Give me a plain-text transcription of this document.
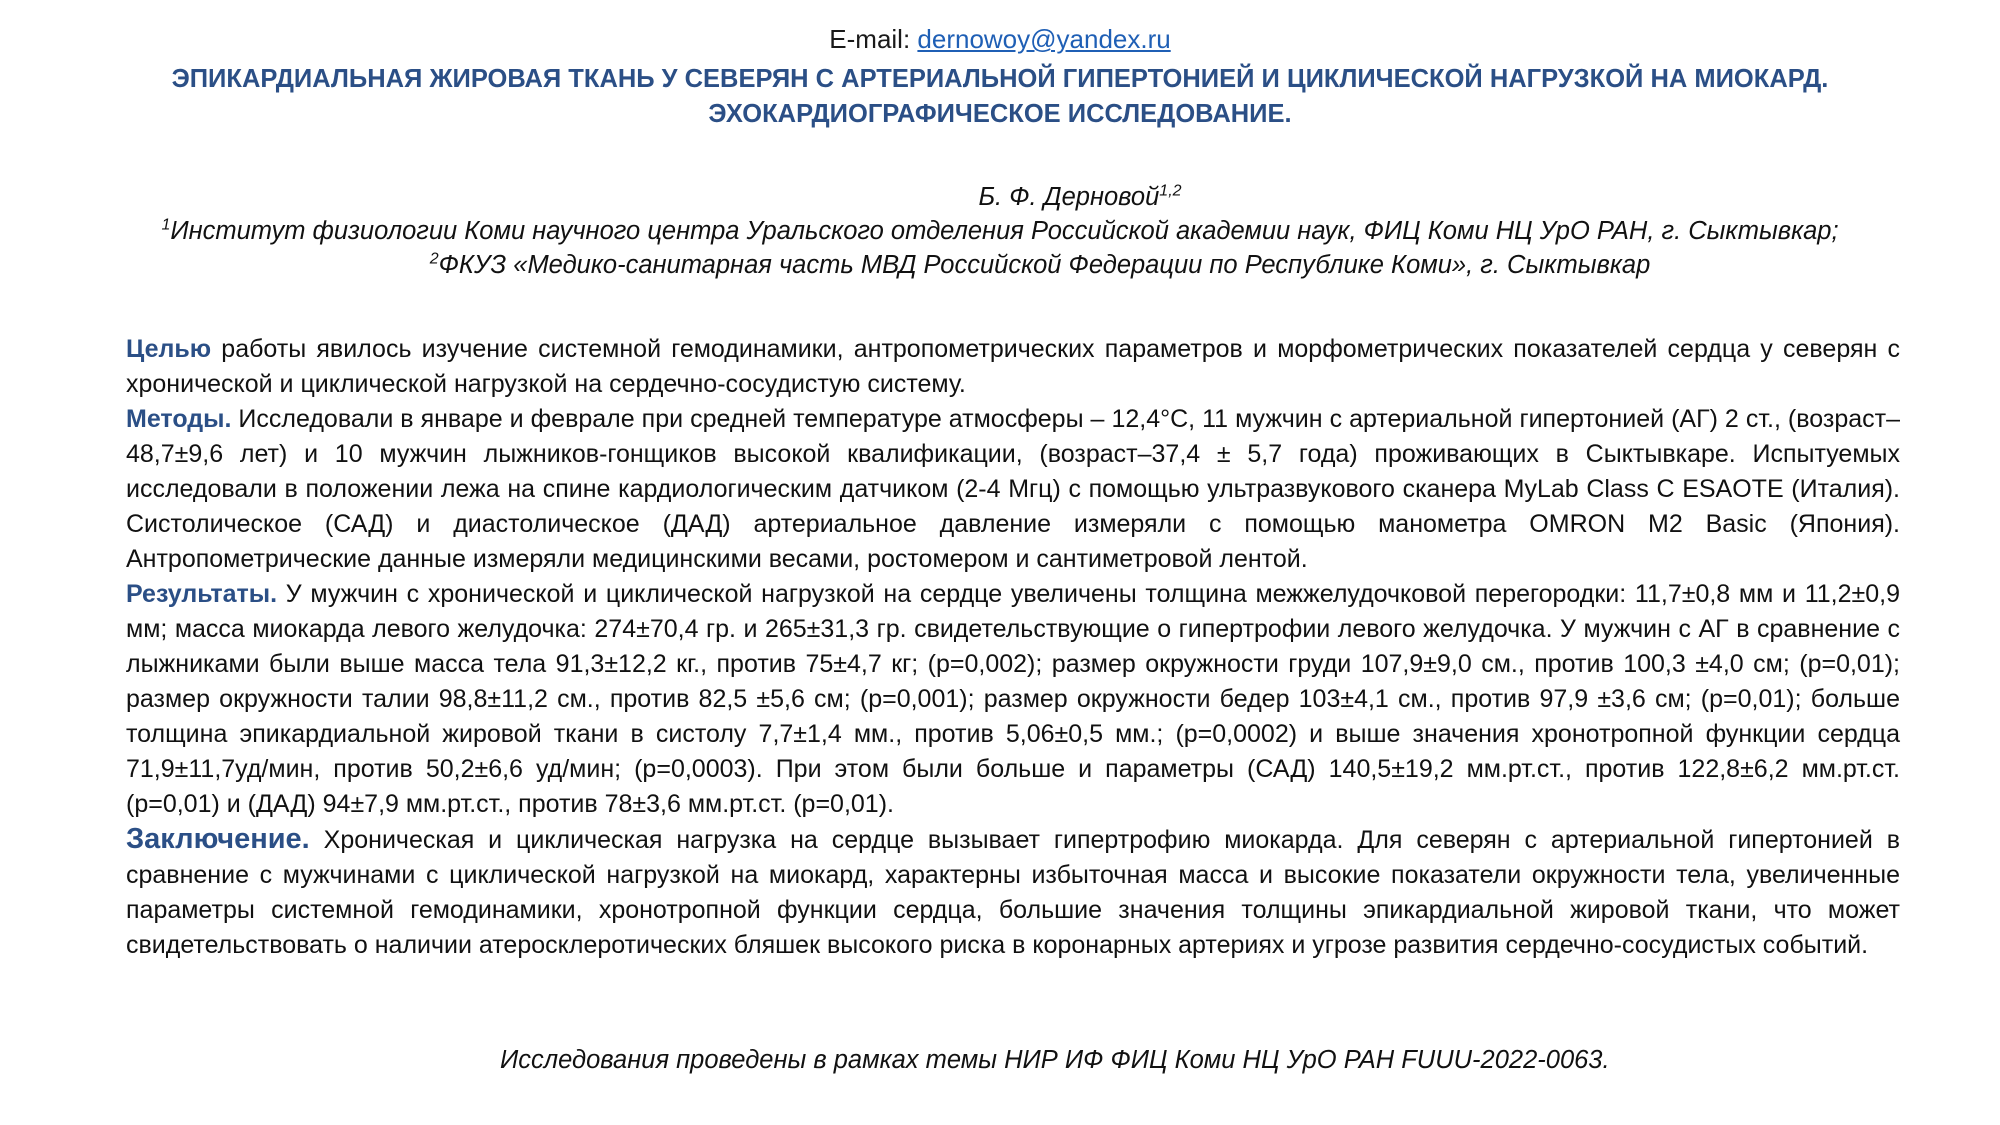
E-mail: dernowoy@yandex.ru
ЭПИКАРДИАЛЬНАЯ ЖИРОВАЯ ТКАНЬ У СЕВЕРЯН С АРТЕРИАЛЬНОЙ ГИПЕРТОНИЕЙ И ЦИКЛИЧЕСКОЙ НАГРУЗКОЙ НА МИОКАРД.
ЭХОКАРДИОГРАФИЧЕСКОЕ ИССЛЕДОВАНИЕ.
Б. Ф. Дерновой$^{1,2}$
$^1$Институт физиологии Коми научного центра Уральского отделения Российской академии наук, ФИЦ Коми НЦ УрО РАН, г. Сыктывкар;
$^2$ФКУЗ «Медико-санитарная часть МВД Российской Федерации по Республике Коми», г. Сыктывкар

Целью работы явилось изучение системной гемодинамики, антропометрических параметров и морфометрических показателей сердца у северян с хронической и циклической нагрузкой на сердечно-сосудистую систему.

Методы. Исследовали в январе и феврале при средней температуре атмосферы – 12,4°С, 11 мужчин с артериальной гипертонией (АГ) 2 ст., (возраст–48,7±9,6 лет) и 10 мужчин лыжников-гонщиков высокой квалификации, (возраст–37,4 ± 5,7 года) проживающих в Сыктывкаре. Испытуемых исследовали в положении лежа на спине кардиологическим датчиком (2-4 Мгц) с помощью ультразвукового сканера MyLab Class C ESAOTE (Италия). Систолическое (САД) и диастолическое (ДАД) артериальное давление измеряли с помощью манометра OMRON M2 Basic (Япония). Антропометрические данные измеряли медицинскими весами, ростомером и сантиметровой лентой.

Результаты. У мужчин с хронической и циклической нагрузкой на сердце увеличены толщина межжелудочковой перегородки: 11,7±0,8 мм и 11,2±0,9 мм; масса миокарда левого желудочка: 274±70,4 гр. и 265±31,3 гр. свидетельствующие о гипертрофии левого желудочка. У мужчин с АГ в сравнение с лыжниками были выше масса тела 91,3±12,2 кг., против 75±4,7 кг; (р=0,002); размер окружности груди 107,9±9,0 см., против 100,3 ±4,0 см; (р=0,01); размер окружности талии 98,8±11,2 см., против 82,5 ±5,6 см; (р=0,001); размер окружности бедер 103±4,1 см., против 97,9 ±3,6 см; (р=0,01); больше толщина эпикардиальной жировой ткани в систолу 7,7±1,4 мм., против 5,06±0,5 мм.; (р=0,0002) и выше значения хронотропной функции сердца 71,9±11,7уд/мин, против 50,2±6,6 уд/мин; (р=0,0003). При этом были больше и параметры (САД) 140,5±19,2 мм.рт.ст., против 122,8±6,2 мм.рт.ст. (р=0,01) и (ДАД) 94±7,9 мм.рт.ст., против 78±3,6 мм.рт.ст. (р=0,01).

Заключение. Хроническая и циклическая нагрузка на сердце вызывает гипертрофию миокарда. Для северян с артериальной гипертонией в сравнение с мужчинами с циклической нагрузкой на миокард, характерны избыточная масса и высокие показатели окружности тела, увеличенные параметры системной гемодинамики, хронотропной функции сердца, большие значения толщины эпикардиальной жировой ткани, что может свидетельствовать о наличии атеросклеротических бляшек высокого риска в коронарных артериях и угрозе развития сердечно-сосудистых событий.

Исследования проведены в рамках темы НИР ИФ ФИЦ Коми НЦ УрО РАН FUUU-2022-0063.
